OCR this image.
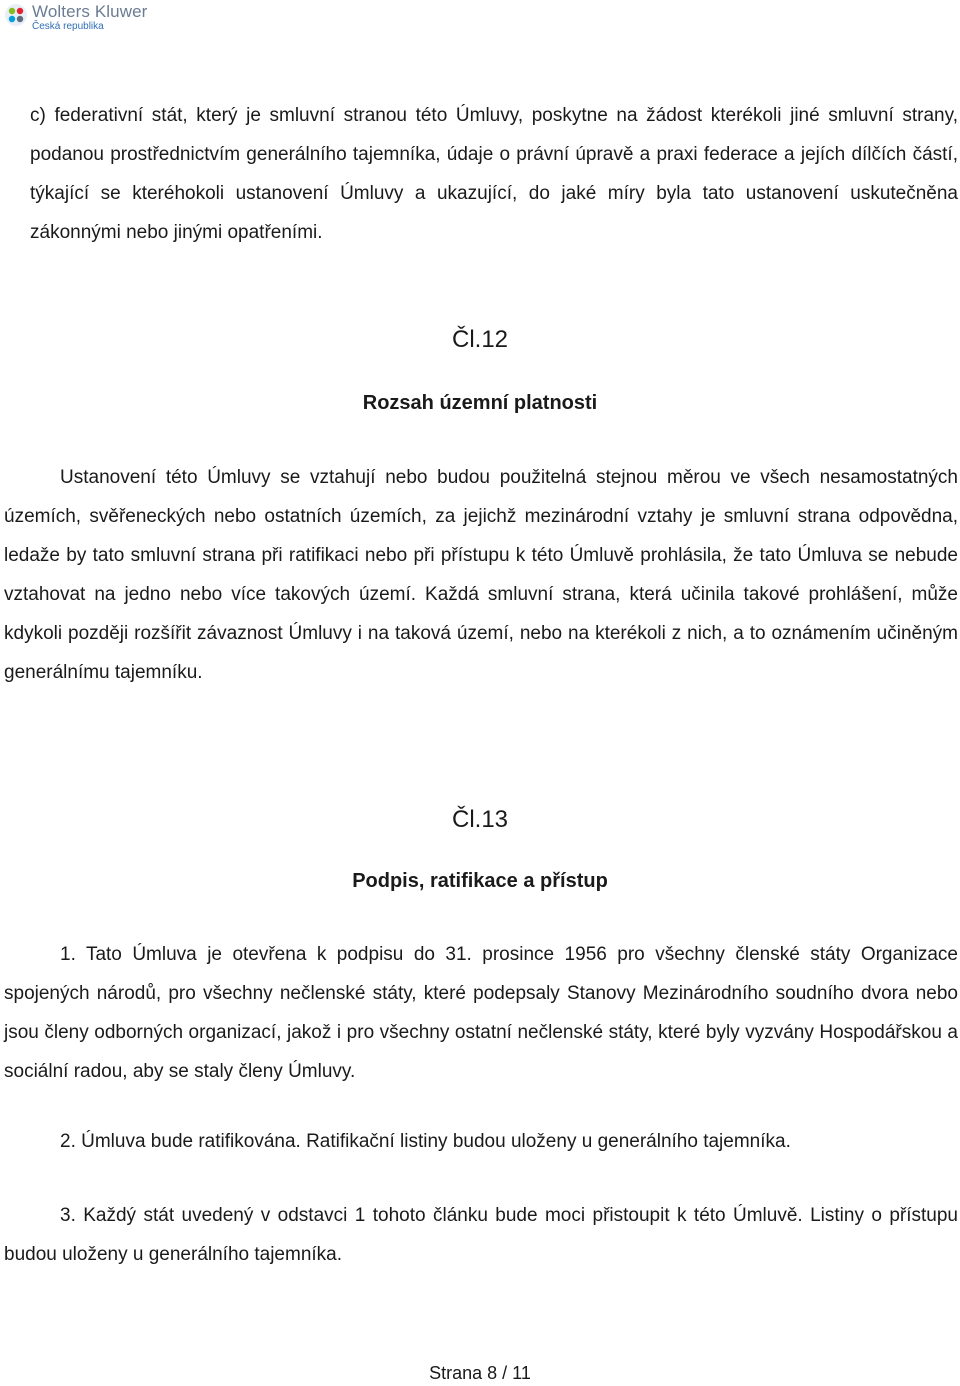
Wolters Kluwer
Česká republika

c) federativní stát, který je smluvní stranou této Úmluvy, poskytne na žádost kterékoli jiné smluvní strany, podanou prostřednictvím generálního tajemníka, údaje o právní úpravě a praxi federace a jejích dílčích částí, týkající se kteréhokoli ustanovení Úmluvy a ukazující, do jaké míry byla tato ustanovení uskutečněna zákonnými nebo jinými opatřeními.

Čl.12

Rozsah územní platnosti

Ustanovení této Úmluvy se vztahují nebo budou použitelná stejnou měrou ve všech nesamostatných územích, svěřeneckých nebo ostatních územích, za jejichž mezinárodní vztahy je smluvní strana odpovědna, ledaže by tato smluvní strana při ratifikaci nebo při přístupu k této Úmluvě prohlásila, že tato Úmluva se nebude vztahovat na jedno nebo více takových území. Každá smluvní strana, která učinila takové prohlášení, může kdykoli později rozšířit závaznost Úmluvy i na taková území, nebo na kterékoli z nich, a to oznámením učiněným generálnímu tajemníku.

Čl.13

Podpis, ratifikace a přístup

1. Tato Úmluva je otevřena k podpisu do 31. prosince 1956 pro všechny členské státy Organizace spojených národů, pro všechny nečlenské státy, které podepsaly Stanovy Mezinárodního soudního dvora nebo jsou členy odborných organizací, jakož i pro všechny ostatní nečlenské státy, které byly vyzvány Hospodářskou a sociální radou, aby se staly členy Úmluvy.

2. Úmluva bude ratifikována. Ratifikační listiny budou uloženy u generálního tajemníka.

3. Každý stát uvedený v odstavci 1 tohoto článku bude moci přistoupit k této Úmluvě. Listiny o přístupu budou uloženy u generálního tajemníka.

Strana 8 / 11
